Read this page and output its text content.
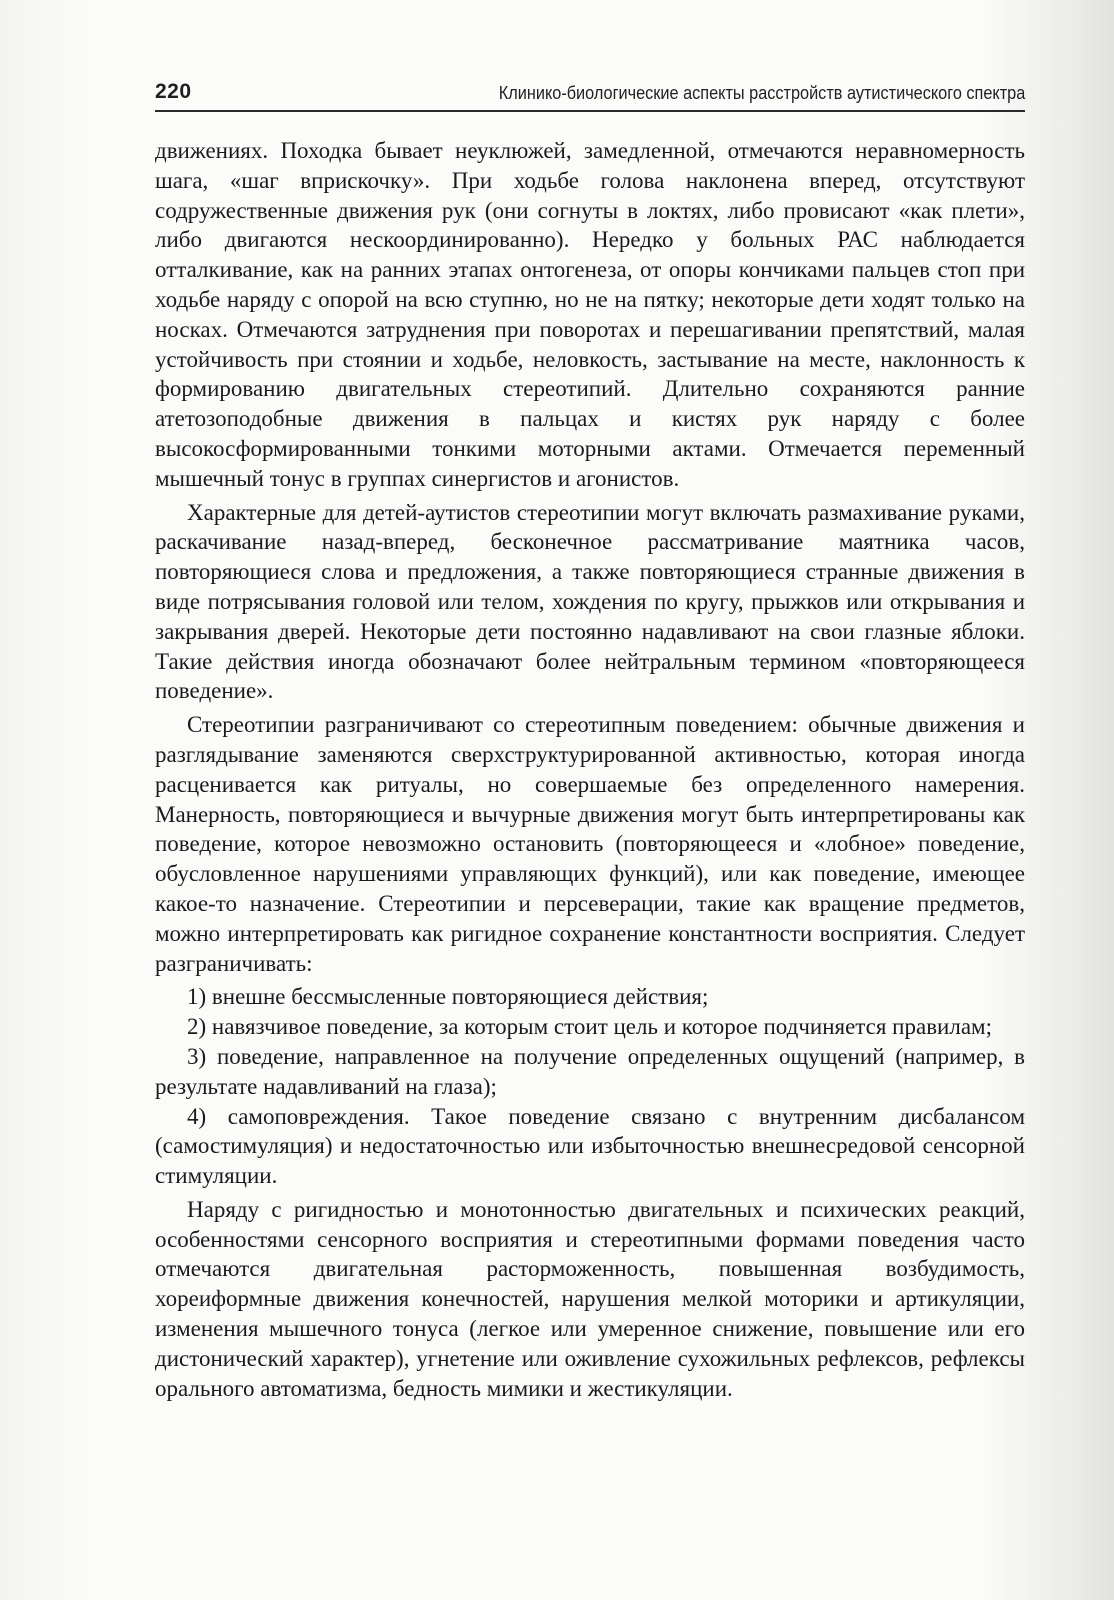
220	Клинико-биологические аспекты расстройств аутистического спектра

движениях. Походка бывает неуклюжей, замедленной, отмечаются неравномерность шага, «шаг вприскочку». При ходьбе голова наклонена вперед, отсутствуют содружественные движения рук (они согнуты в локтях, либо провисают «как плети», либо двигаются нескоординированно). Нередко у больных РАС наблюдается отталкивание, как на ранних этапах онтогенеза, от опоры кончиками пальцев стоп при ходьбе наряду с опорой на всю ступню, но не на пятку; некоторые дети ходят только на носках. Отмечаются затруднения при поворотах и перешагивании препятствий, малая устойчивость при стоянии и ходьбе, неловкость, застывание на месте, наклонность к формированию двигательных стереотипий. Длительно сохраняются ранние атетозоподобные движения в пальцах и кистях рук наряду с более высокосформированными тонкими моторными актами. Отмечается переменный мышечный тонус в группах синергистов и агонистов.

Характерные для детей-аутистов стереотипии могут включать размахивание руками, раскачивание назад-вперед, бесконечное рассматривание маятника часов, повторяющиеся слова и предложения, а также повторяющиеся странные движения в виде потрясывания головой или телом, хождения по кругу, прыжков или открывания и закрывания дверей. Некоторые дети постоянно надавливают на свои глазные яблоки. Такие действия иногда обозначают более нейтральным термином «повторяющееся поведение».

Стереотипии разграничивают со стереотипным поведением: обычные движения и разглядывание заменяются сверхструктурированной активностью, которая иногда расценивается как ритуалы, но совершаемые без определенного намерения. Манерность, повторяющиеся и вычурные движения могут быть интерпретированы как поведение, которое невозможно остановить (повторяющееся и «лобное» поведение, обусловленное нарушениями управляющих функций), или как поведение, имеющее какое-то назначение. Стереотипии и персеверации, такие как вращение предметов, можно интерпретировать как ригидное сохранение константности восприятия. Следует разграничивать:

1) внешне бессмысленные повторяющиеся действия;

2) навязчивое поведение, за которым стоит цель и которое подчиняется правилам;

3) поведение, направленное на получение определенных ощущений (например, в результате надавливаний на глаза);

4) самоповреждения. Такое поведение связано с внутренним дисбалансом (самостимуляция) и недостаточностью или избыточностью внешнесредовой сенсорной стимуляции.

Наряду с ригидностью и монотонностью двигательных и психических реакций, особенностями сенсорного восприятия и стереотипными формами поведения часто отмечаются двигательная расторможенность, повышенная возбудимость, хореиформные движения конечностей, нарушения мелкой моторики и артикуляции, изменения мышечного тонуса (легкое или умеренное снижение, повышение или его дистонический характер), угнетение или оживление сухожильных рефлексов, рефлексы орального автоматизма, бедность мимики и жестикуляции.
